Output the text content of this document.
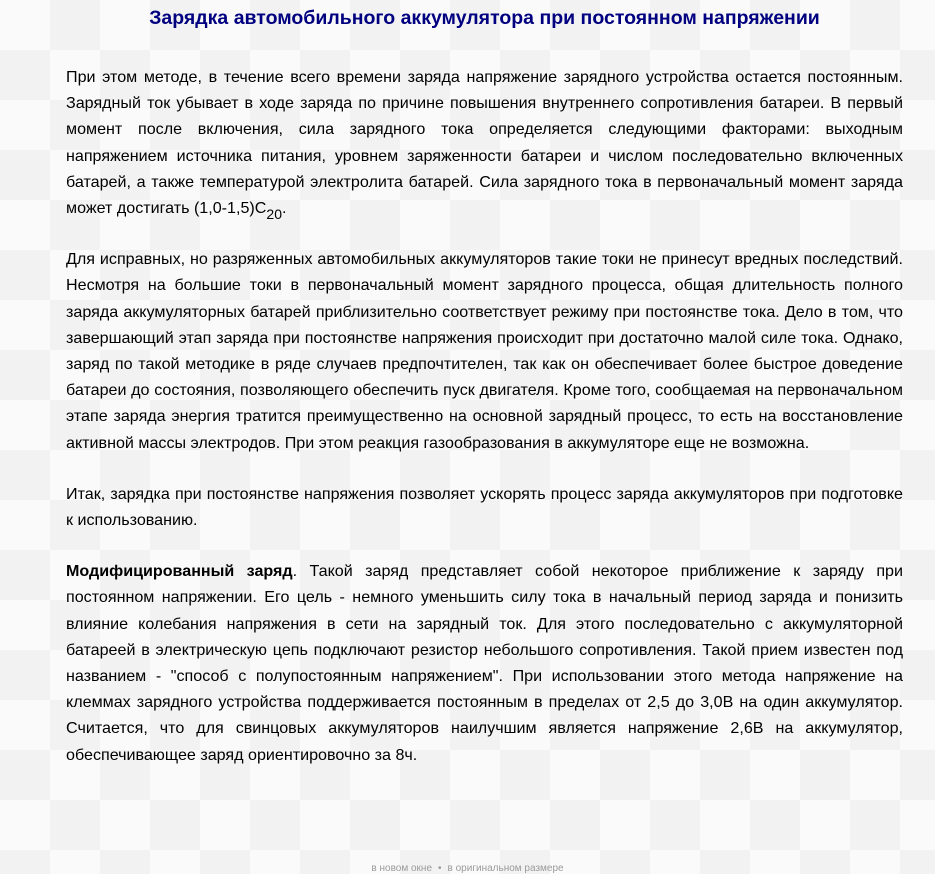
Зарядка автомобильного аккумулятора при постоянном напряжении

При этом методе, в течение всего времени заряда напряжение зарядного устройства остается постоянным. Зарядный ток убывает в ходе заряда по причине повышения внутреннего сопротивления батареи. В первый момент после включения, сила зарядного тока определяется следующими факторами: выходным напряжением источника питания, уровнем заряженности батареи и числом последовательно включенных батарей, а также температурой электролита батарей. Сила зарядного тока в первоначальный момент заряда может достигать $(1,0-1,5)С_{20}$.

Для исправных, но разряженных автомобильных аккумуляторов такие токи не принесут вредных последствий. Несмотря на большие токи в первоначальный момент зарядного процесса, общая длительность полного заряда аккумуляторных батарей приблизительно соответствует режиму при постоянстве тока. Дело в том, что завершающий этап заряда при постоянстве напряжения происходит при достаточно малой силе тока. Однако, заряд по такой методике в ряде случаев предпочтителен, так как он обеспечивает более быстрое доведение батареи до состояния, позволяющего обеспечить пуск двигателя. Кроме того, сообщаемая на первоначальном этапе заряда энергия тратится преимущественно на основной зарядный процесс, то есть на восстановление активной массы электродов. При этом реакция газообразования в аккумуляторе еще не возможна.

Итак, зарядка при постоянстве напряжения позволяет ускорять процесс заряда аккумуляторов при подготовке к использованию.

Модифицированный заряд. Такой заряд представляет собой некоторое приближение к заряду при постоянном напряжении. Его цель - немного уменьшить силу тока в начальный период заряда и понизить влияние колебания напряжения в сети на зарядный ток. Для этого последовательно с аккумуляторной батареей в электрическую цепь подключают резистор небольшого сопротивления. Такой прием известен под названием - "способ с полупостоянным напряжением". При использовании этого метода напряжение на клеммах зарядного устройства поддерживается постоянным в пределах от 2,5 до 3,0В на один аккумулятор. Считается, что для свинцовых аккумуляторов наилучшим является напряжение 2,6В на аккумулятор, обеспечивающее заряд ориентировочно за 8ч.

в новом окне • в оригинальном размере
